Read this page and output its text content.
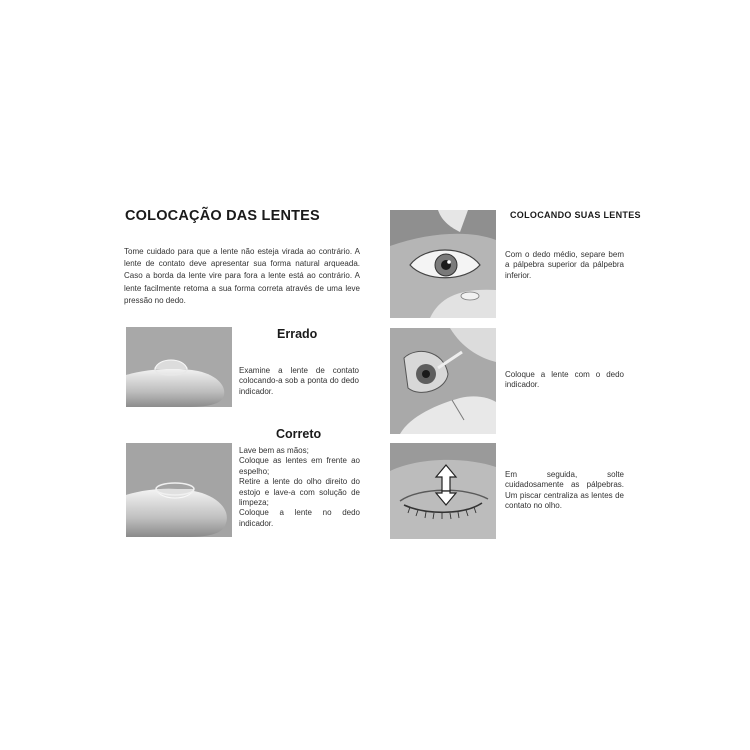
COLOCAÇÃO DAS LENTES
Tome cuidado para que a lente não esteja virada ao contrário. A lente de contato deve apresentar sua forma natural arqueada. Caso a borda da lente vire para fora a lente está ao contrário. A lente facilmente retoma a sua forma correta através de uma leve pressão no dedo.
Errado
Examine a lente de contato colocando-a sob a ponta do dedo indicador.
Correto

Lave bem as mãos;

Coloque as lentes em frente ao espelho;

Retire a lente do olho direito do estojo e lave-a com solução de limpeza;

Coloque a lente no dedo indicador.

COLOCANDO SUAS LENTES
Com o dedo médio, separe bem a pálpebra superior da pálpebra inferior.
Coloque a lente com o dedo indicador.
Em seguida, solte cuidadosamente as pálpebras. Um piscar centraliza as lentes de contato no olho.
